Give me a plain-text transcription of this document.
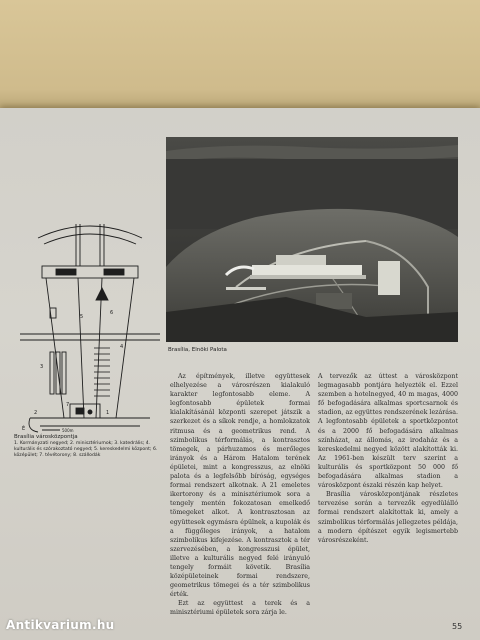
Brasília, Elnöki Palota
6
4
3
5
2	1
7
É	500m
Brasília városközpontja
1. Kormányzati negyed; 2. minisztériumok; 3. katedrális; 4. kulturális és szórakoztató negyed; 5. kereskedelmi központ; 6. középület; 7. tévétorony; 8. szállodák

Az építmények, illetve együttesek elhelyezése a városrészen kialakuló karakter legfontosabb eleme. A legfontosabb épületek formai kialakításánál központi szerepet játszik a szerkezet és a síkok rendje, a homlokzatok ritmusa és a geometrikus rend. A szimbolikus térformálás, a kontrasztos tömegek, a párhuzamos és merőleges irányok és a Három Hatalom terének épületei, mint a kongresszus, az elnöki palota és a legfelsőbb bíróság, egységes formai rendszert alkotnak. A 21 emeletes ikertorony és a minisztériumok sora a tengely mentén fokozatosan emelkedő tömegeket alkot. A kontrasztosan az együttesek egymásra épülnek, a kupolák és a függőleges irányok, a hatalom szimbolikus kifejezése. A kontrasztok a tér szervezésében, a kongresszusi épület, illetve a kulturális negyed felé irányuló tengely formáit követik. Brasília középületeinek formai rendszere, geometrikus tömegei és a tér szimbolikus érték.

Ezt az együttest a terek és a minisztériumi épületek sora zárja le.

A tervezők az úttest a városközpont legmagasabb pontjára helyezték el. Ezzel szemben a hotelnegyed, 40 m magas, 4000 fő befogadására alkalmas sportcsarnok és stadion, az együttes rendszerének lezárása. A legfontosabb épületek a sportközpontot és a 2000 fő befogadására alkalmas színházat, az állomás, az irodaház és a kereskedelmi negyed között alakították ki. Az 1961-ben készült terv szerint a kulturális és sportközpont 50 000 fő befogadására alkalmas stadion a városközpont északi részén kap helyet.

Brasília városközpontjának részletes tervezése során a tervezők egyedülálló formai rendszert alakítottak ki, amely a szimbolikus térformálás jellegzetes példája, a modern építészet egyik legismertebb városrészeként.

55
Antikvarium.hu
